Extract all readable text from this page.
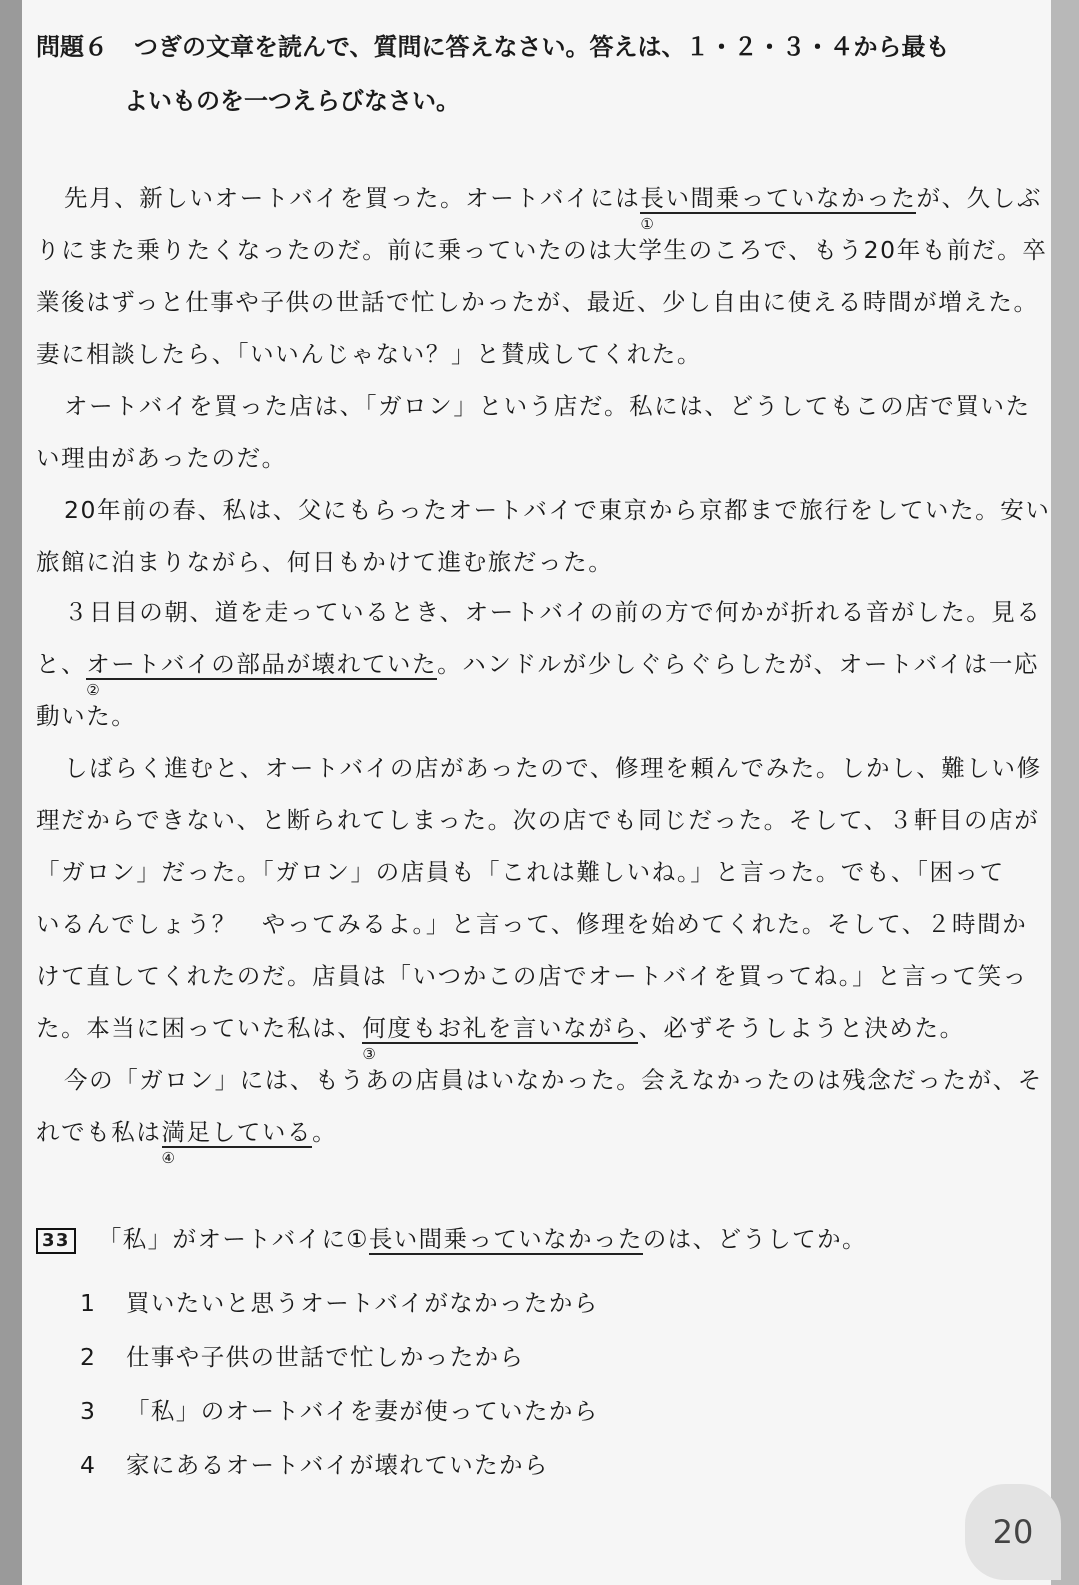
問題６ つぎの文章を読んで、質問に答えなさい。答えは、１・２・３・４から最も
よいものを一つえらびなさい。
先月、新しいオートバイを買った。オートバイには長い間乗っていなかった
①
が、久しぶ
りにまた乗りたくなったのだ。前に乗っていたのは大学生のころで、もう20年も前だ。卒
業後はずっと仕事や子供の世話で忙しかったが、最近、少し自由に使える時間が増えた。
妻に相談したら、「いいんじゃない？」と賛成してくれた。
オートバイを買った店は、「ガロン」という店だ。私には、どうしてもこの店で買いた
い理由があったのだ。
20年前の春、私は、父にもらったオートバイで東京から京都まで旅行をしていた。安い
旅館に泊まりながら、何日もかけて進む旅だった。
３日目の朝、道を走っているとき、オートバイの前の方で何かが折れる音がした。見る
と、オートバイの部品が壊れていた
②
。ハンドルが少しぐらぐらしたが、オートバイは一応
動いた。
しばらく進むと、オートバイの店があったので、修理を頼んでみた。しかし、難しい修
理だからできない、と断られてしまった。次の店でも同じだった。そして、３軒目の店が
「ガロン」だった。「ガロン」の店員も「これは難しいね。」と言った。でも、「困って
いるんでしょう？　やってみるよ。」と言って、修理を始めてくれた。そして、２時間か
けて直してくれたのだ。店員は「いつかこの店でオートバイを買ってね。」と言って笑っ
た。本当に困っていた私は、何度もお礼を言いながら
③
、必ずそうしようと決めた。
今の「ガロン」には、もうあの店員はいなかった。会えなかったのは残念だったが、そ
れでも私は満足している
④
。
33 「私」がオートバイに①長い間乗っていなかったのは、どうしてか。
1 買いたいと思うオートバイがなかったから
2 仕事や子供の世話で忙しかったから
3 「私」のオートバイを妻が使っていたから
4 家にあるオートバイが壊れていたから
20
